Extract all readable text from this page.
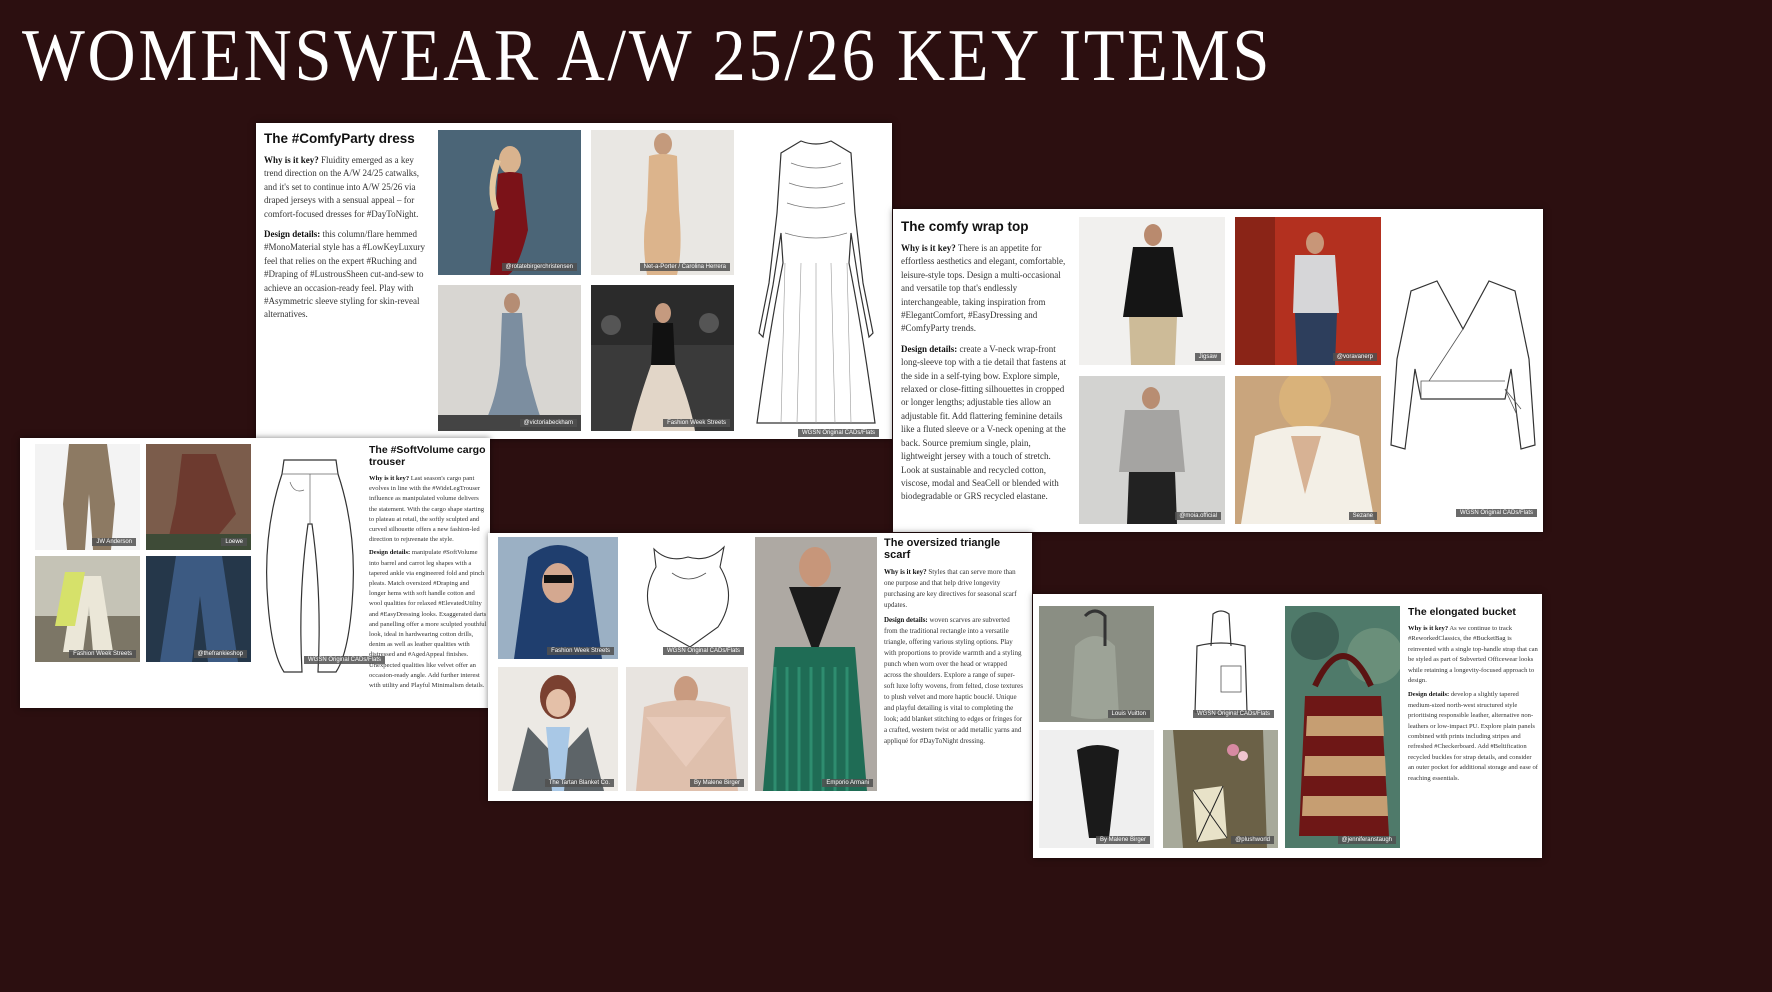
WOMENSWEAR A/W 25/26 KEY ITEMS
The #ComfyParty dress

Why is it key? Fluidity emerged as a key trend direction on the A/W 24/25 catwalks, and it's set to continue into A/W 25/26 via draped jerseys with a sensual appeal – for comfort-focused dresses for #DayToNight.

Design details: this column/flare hemmed #MonoMaterial style has a #LowKeyLuxury feel that relies on the expert #Ruching and #Draping of #LustrousSheen cut-and-sew to achieve an occasion-ready feel. Play with #Asymmetric sleeve styling for skin-reveal alternatives.

@rotatebirgerchristensen	Net-a-Porter / Carolina Herrera
@victoriabeckham	Fashion Week Streets
WGSN Original CADs/Flats
The comfy wrap top

Why is it key? There is an appetite for effortless aesthetics and elegant, comfortable, leisure-style tops. Design a multi-occasional and versatile top that's endlessly interchangeable, taking inspiration from #ElegantComfort, #EasyDressing and #ComfyParty trends.

Design details: create a V-neck wrap-front long-sleeve top with a tie detail that fastens at the side in a self-tying bow. Explore simple, relaxed or close-fitting silhouettes in cropped or longer lengths; adjustable ties allow an adjustable fit. Add flattering feminine details like a fluted sleeve or a V-neck opening at the back. Source premium single, plain, lightweight jersey with a touch of stretch. Look at sustainable and recycled cotton, viscose, modal and SeaCell or blended with biodegradable or GRS recycled elastane.

Jigsaw	@voravanerp
@moia.official	Sezane	WGSN Original CADs/Flats
JW Anderson	Loewe
Fashion Week Streets	@thefrankieshop
WGSN Original CADs/Flats
The #SoftVolume cargo trouser

Why is it key? Last season's cargo pant evolves in line with the #WideLegTrouser influence as manipulated volume delivers the statement. With the cargo shape starting to plateau at retail, the softly sculpted and curved silhouette offers a new fashion-led direction to rejuvenate the style.

Design details: manipulate #SoftVolume into barrel and carrot leg shapes with a tapered ankle via engineered fold and pinch pleats. Match oversized #Draping and longer hems with soft handle cotton and wool qualities for relaxed #ElevatedUtility and #EasyDressing looks. Exaggerated darts and panelling offer a more sculpted youthful look, ideal in hardwearing cotton drills, denim as well as leather qualities with distressed and #AgedAppeal finishes. Unexpected qualities like velvet offer an occasion-ready angle. Add further interest with utility and Playful Minimalism details.

Fashion Week Streets	WGSN Original CADs/Flats
The Tartan Blanket Co.	By Malene Birger	Emporio Armani
The oversized triangle scarf

Why is it key? Styles that can serve more than one purpose and that help drive longevity purchasing are key directives for seasonal scarf updates.

Design details: woven scarves are subverted from the traditional rectangle into a versatile triangle, offering various styling options. Play with proportions to provide warmth and a styling punch when worn over the head or wrapped across the shoulders. Explore a range of super-soft luxe lofty wovens, from felted, close textures to plush velvet and more haptic bouclé. Unique and playful detailing is vital to completing the look; add blanket stitching to edges or fringes for a crafted, western twist or add metallic yarns and appliqué for #DayToNight dressing.

Louis Vuitton	WGSN Original CADs/Flats
By Malene Birger	@plushworld	@jenniferanstaugh
The elongated bucket

Why is it key? As we continue to track #ReworkedClassics, the #BucketBag is reinvented with a single top-handle strap that can be styled as part of Subverted Officewear looks while retaining a longevity-focused approach to design.

Design details: develop a slightly tapered medium-sized north-west structured style prioritising responsible leather, alternative non-leathers or low-impact PU. Explore plain panels combined with prints including stripes and refreshed #Checkerboard. Add #Beltification recycled buckles for strap details, and consider an outer pocket for additional storage and ease of reaching essentials.
